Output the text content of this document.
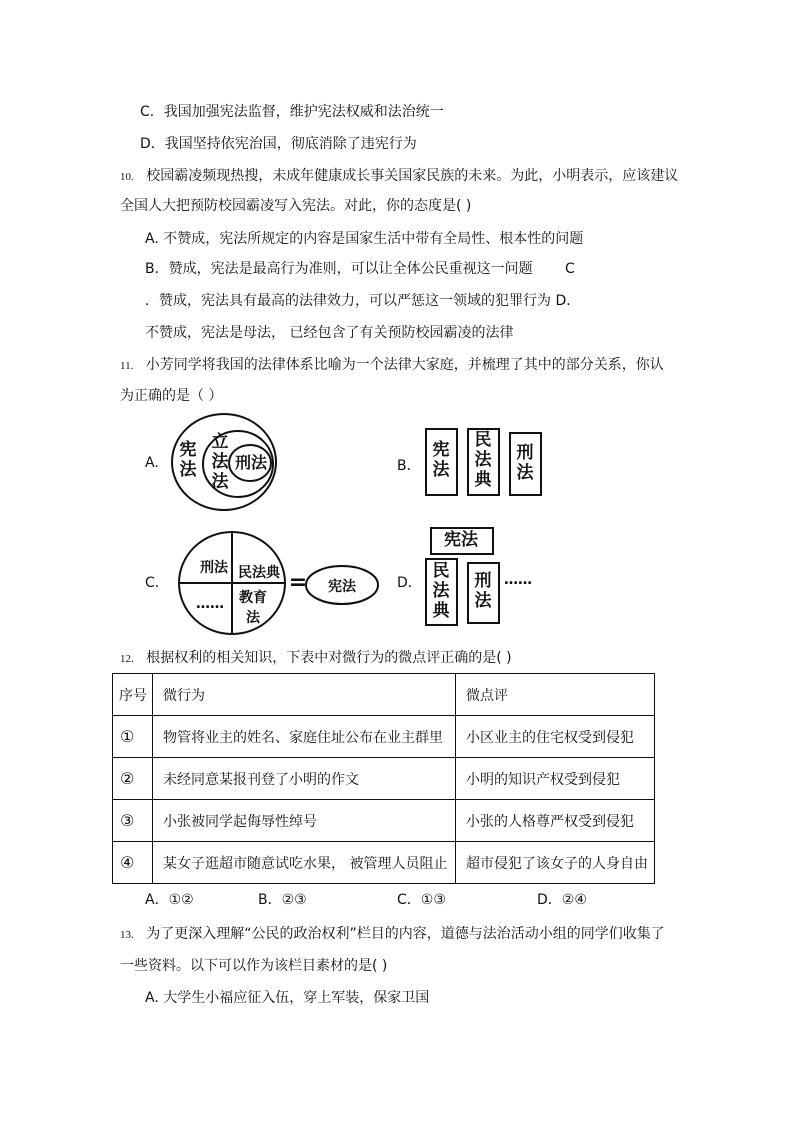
C．我国加强宪法监督，维护宪法权威和法治统一
D．我国坚持依宪治国，彻底消除了违宪行为
10. 校园霸凌频现热搜，未成年健康成长事关国家民族的未来。为此，小明表示，应该建议
全国人大把预防校园霸凌写入宪法。对此，你的态度是( )
A. 不赞成，宪法所规定的内容是国家生活中带有全局性、根本性的问题
B．赞成，宪法是最高行为准则，可以让全体公民重视这一问题 C
．赞成，宪法具有最高的法律效力，可以严惩这一领域的犯罪行为 D．
不赞成，宪法是母法， 已经包含了有关预防校园霸凌的法律
11. 小芳同学将我国的法律体系比喻为一个法律大家庭，并梳理了其中的部分关系，你认
为正确的是（ ）
A.
宪
法
立
法
法
刑法	B．
宪
法
民
法
典
刑
法
C．
刑法 民法典
…… 教育
法
=	宪法	D．
宪法
民
法
典
刑
法
……
12. 根据权利的相关知识，下表中对微行为的微点评正确的是( )
序号	微行为	微点评
①	物管将业主的姓名、家庭住址公布在业主群里	小区业主的住宅权受到侵犯
②	未经同意某报刊登了小明的作文	小明的知识产权受到侵犯
③	小张被同学起侮辱性绰号	小张的人格尊严权受到侵犯
④	某女子逛超市随意试吃水果， 被管理人员阻止	超市侵犯了该女子的人身自由
A．①②	B．②③	C．①③	D．②④
13. 为了更深入理解“公民的政治权利”栏目的内容，道德与法治活动小组的同学们收集了
一些资料。以下可以作为该栏目素材的是( )
A. 大学生小福应征入伍，穿上军装，保家卫国
